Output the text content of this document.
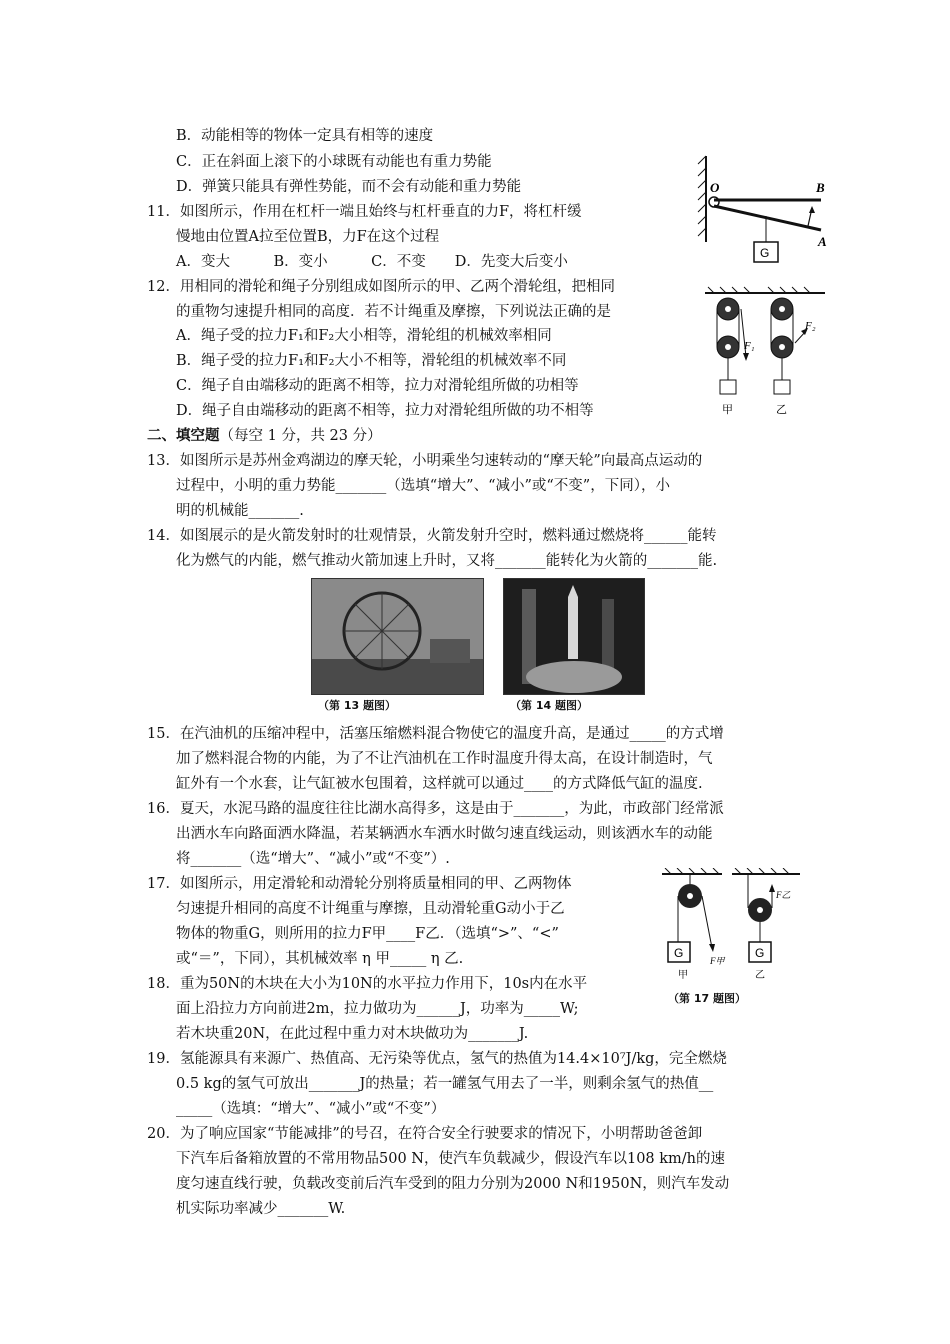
B．动能相等的物体一定具有相等的速度
C．正在斜面上滚下的小球既有动能也有重力势能
D．弹簧只能具有弹性势能，而不会有动能和重力势能
11．如图所示，作用在杠杆一端且始终与杠杆垂直的力F，将杠杆缓
慢地由位置A拉至位置B，力F在这个过程
A．变大　　　B．变小　　　C．不变　　D．先变大后变小
O	B
A
G
12．用相同的滑轮和绳子分别组成如图所示的甲、乙两个滑轮组，把相同
的重物匀速提升相同的高度．若不计绳重及摩擦，下列说法正确的是
A．绳子受的拉力F₁和F₂大小相等，滑轮组的机械效率相同
B．绳子受的拉力F₁和F₂大小不相等，滑轮组的机械效率不同
C．绳子自由端移动的距离不相等，拉力对滑轮组所做的功相等
D．绳子自由端移动的距离不相等，拉力对滑轮组所做的功不相等
F₁
甲
F₂
乙
二、填空题（每空 1 分，共 23 分）
13．如图所示是苏州金鸡湖边的摩天轮，小明乘坐匀速转动的“摩天轮”向最高点运动的
过程中，小明的重力势能_______（选填“增大”、“减小”或“不变”，下同），小
明的机械能_______.
14．如图展示的是火箭发射时的壮观情景，火箭发射升空时，燃料通过燃烧将______能转
化为燃气的内能，燃气推动火箭加速上升时，又将_______能转化为火箭的_______能.
（第 13 题图）	（第 14 题图）
15．在汽油机的压缩冲程中，活塞压缩燃料混合物使它的温度升高，是通过_____的方式增
加了燃料混合物的内能，为了不让汽油机在工作时温度升得太高，在设计制造时，气
缸外有一个水套，让气缸被水包围着，这样就可以通过____的方式降低气缸的温度.
16．夏天，水泥马路的温度往往比湖水高得多，这是由于_______，为此，市政部门经常派
出洒水车向路面洒水降温，若某辆洒水车洒水时做匀速直线运动，则该洒水车的动能
将_______（选“增大”、“减小”或“不变”）.
17．如图所示，用定滑轮和动滑轮分别将质量相同的甲、乙两物体
匀速提升相同的高度不计绳重与摩擦，且动滑轮重G动小于乙
物体的物重G，则所用的拉力F甲____F乙．（选填“>”、“<”
或“＝”，下同），其机械效率 η 甲_____ η 乙.	G
F甲
甲
G
F乙
乙
（第 17 题图）
18．重为50N的木块在大小为10N的水平拉力作用下，10s内在水平
面上沿拉力方向前进2m，拉力做功为______J，功率为_____W;
若木块重20N，在此过程中重力对木块做功为_______J.
19．氢能源具有来源广、热值高、无污染等优点，氢气的热值为14.4×10⁷J/kg，完全燃烧
0.5 kg的氢气可放出_______J的热量；若一罐氢气用去了一半，则剩余氢气的热值__
_____（选填：“增大”、“减小”或“不变”）
20．为了响应国家“节能减排”的号召，在符合安全行驶要求的情况下，小明帮助爸爸卸
下汽车后备箱放置的不常用物品500 N，使汽车负载减少，假设汽车以108 km/h的速
度匀速直线行驶，负载改变前后汽车受到的阻力分别为2000 N和1950N，则汽车发动
机实际功率减少_______W.
